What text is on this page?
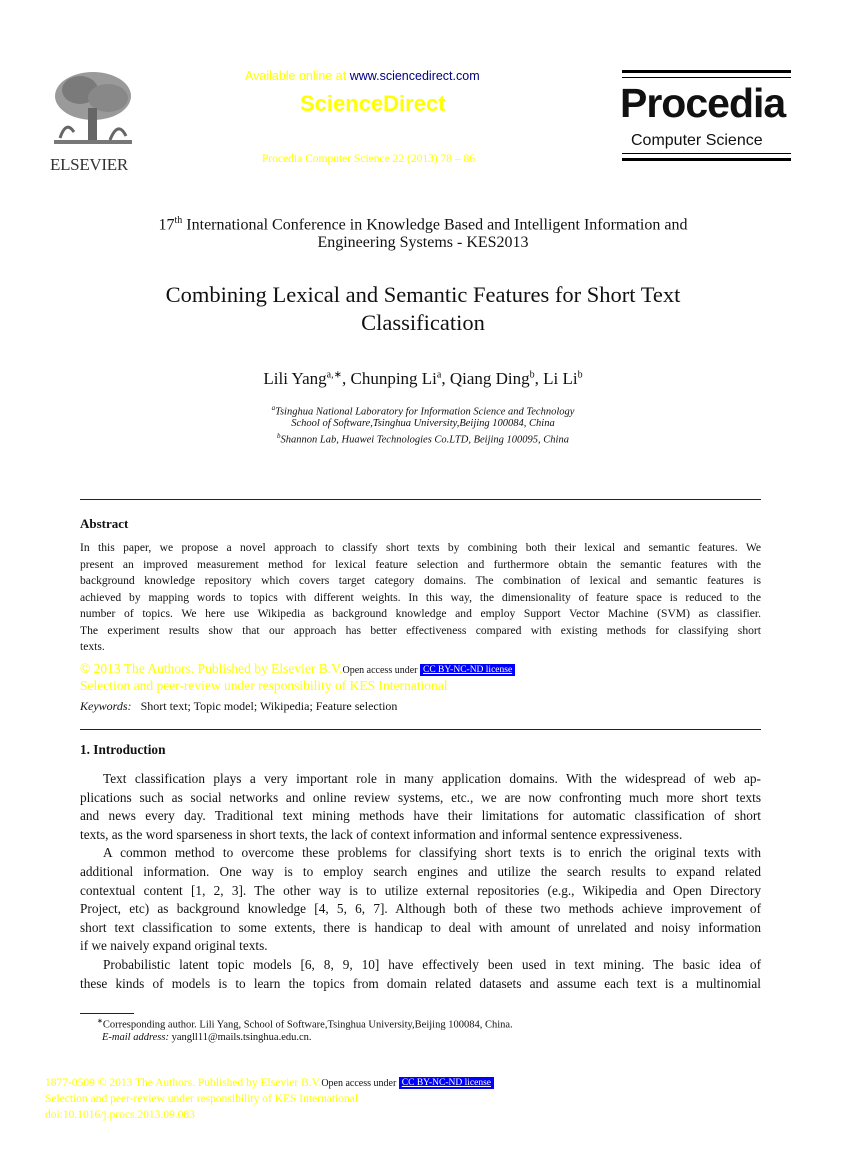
ELSEVIER
Available online at www.sciencedirect.com
ScienceDirect
Procedia Computer Science 22 (2013) 78 – 86
Procedia
Computer Science
17th International Conference in Knowledge Based and Intelligent Information and
Engineering Systems - KES2013
Combining Lexical and Semantic Features for Short Text
Classification
Lili Yang$^{a,∗}$, Chunping Li$^a$, Qiang Ding$^b$, Li Li$^b$
$^a$Tsinghua National Laboratory for Information Science and Technology
School of Software,Tsinghua University,Beijing 100084, China
$^b$Shannon Lab, Huawei Technologies Co.LTD, Beijing 100095, China
Abstract
In this paper, we propose a novel approach to classify short texts by combining both their lexical and semantic features. We
present an improved measurement method for lexical feature selection and furthermore obtain the semantic features with the
background knowledge repository which covers target category domains. The combination of lexical and semantic features is
achieved by mapping words to topics with different weights. In this way, the dimensionality of feature space is reduced to the
number of topics. We here use Wikipedia as background knowledge and employ Support Vector Machine (SVM) as classifier.
The experiment results show that our approach has better effectiveness compared with existing methods for classifying short
texts.
© 2013 The Authors. Published by Elsevier B.V.Open access under CC BY-NC-ND license
Selection and peer-review under responsibility of KES International
Keywords: Short text; Topic model; Wikipedia; Feature selection
1. Introduction
Text classification plays a very important role in many application domains. With the widespread of web ap-
plications such as social networks and online review systems, etc., we are now confronting much more short texts
and news every day. Traditional text mining methods have their limitations for automatic classification of short
texts, as the word sparseness in short texts, the lack of context information and informal sentence expressiveness.
A common method to overcome these problems for classifying short texts is to enrich the original texts with
additional information. One way is to employ search engines and utilize the search results to expand related
contextual content [1, 2, 3]. The other way is to utilize external repositories (e.g., Wikipedia and Open Directory
Project, etc) as background knowledge [4, 5, 6, 7]. Although both of these two methods achieve improvement of
short text classification to some extents, there is handicap to deal with amount of unrelated and noisy information
if we naively expand original texts.
Probabilistic latent topic models [6, 8, 9, 10] have effectively been used in text mining. The basic idea of
these kinds of models is to learn the topics from domain related datasets and assume each text is a multinomial
∗Corresponding author. Lili Yang, School of Software,Tsinghua University,Beijing 100084, China.
E-mail address: yangll11@mails.tsinghua.edu.cn.
1877-0509 © 2013 The Authors. Published by Elsevier B.V.Open access under CC BY-NC-ND license
Selection and peer-review under responsibility of KES International
doi:10.1016/j.procs.2013.09.083
